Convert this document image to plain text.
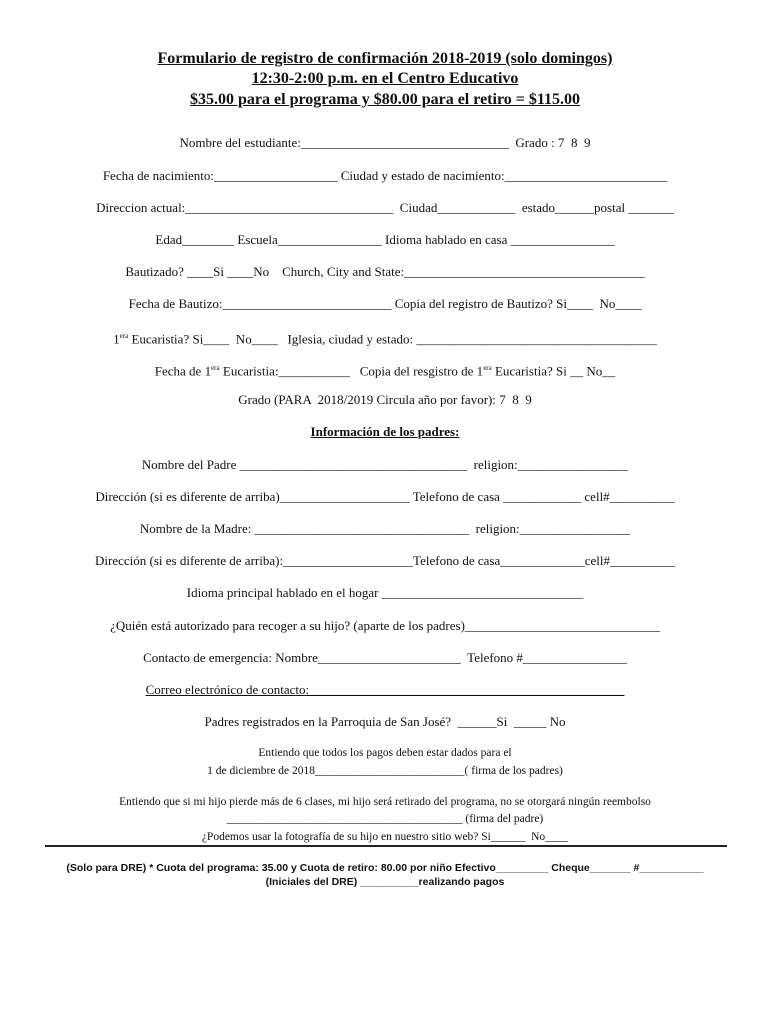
Formulario de registro de confirmación 2018-2019 (solo domingos)
12:30-2:00 p.m. en el Centro Educativo
$35.00 para el programa y $80.00 para el retiro = $115.00
Nombre del estudiante:________________________________  Grado : 7  8  9
Fecha de nacimiento:___________________ Ciudad y estado de nacimiento:_________________________
Direccion actual:________________________________  Ciudad____________  estado______postal _______
Edad________ Escuela________________ Idioma hablado en casa ________________
Bautizado? ____Si ____No    Church, City and State:_____________________________________
Fecha de Bautizo:__________________________ Copia del registro de Bautizo? Si____  No____
$1^{era}$ Eucaristia? Si____  No____   Iglesia, ciudad y estado: _____________________________________
Fecha de $1^{era}$ Eucaristia:___________   Copia del resgistro de $1^{era}$ Eucaristia? Si __ No__
Grado (PARA  2018/2019 Circula año por favor): 7  8  9
Información de los padres:
Nombre del Padre ___________________________________  religion:_________________
Dirección (si es diferente de arriba)____________________ Telefono de casa ____________ cell#__________
Nombre de la Madre: _________________________________  religion:_________________
Dirección (si es diferente de arriba):____________________Telefono de casa_____________cell#__________
Idioma principal hablado en el hogar _______________________________
¿Quién está autorizado para recoger a su hijo? (aparte de los padres)______________________________
Contacto de emergencia: Nombre______________________  Telefono #________________
Correo electrónico de contacto: ________________________________________________
Padres registrados en la Parroquia de San José?  ______Si  _____ No
Entiendo que todos los pagos deben estar dados para el
1 de diciembre de 2018__________________________( firma de los padres)
Entiendo que si mi hijo pierde más de 6 clases, mi hijo será retirado del programa, no se otorgará ningún reembolso
_________________________________________ (firma del padre)
¿Podemos usar la fotografía de su hijo en nuestro sitio web? Si______  No____
(Solo para DRE) * Cuota del programa: 35.00 y Cuota de retiro: 80.00 por niño Efectivo_________ Cheque_______ #___________
(Iniciales del DRE) __________realizando pagos
